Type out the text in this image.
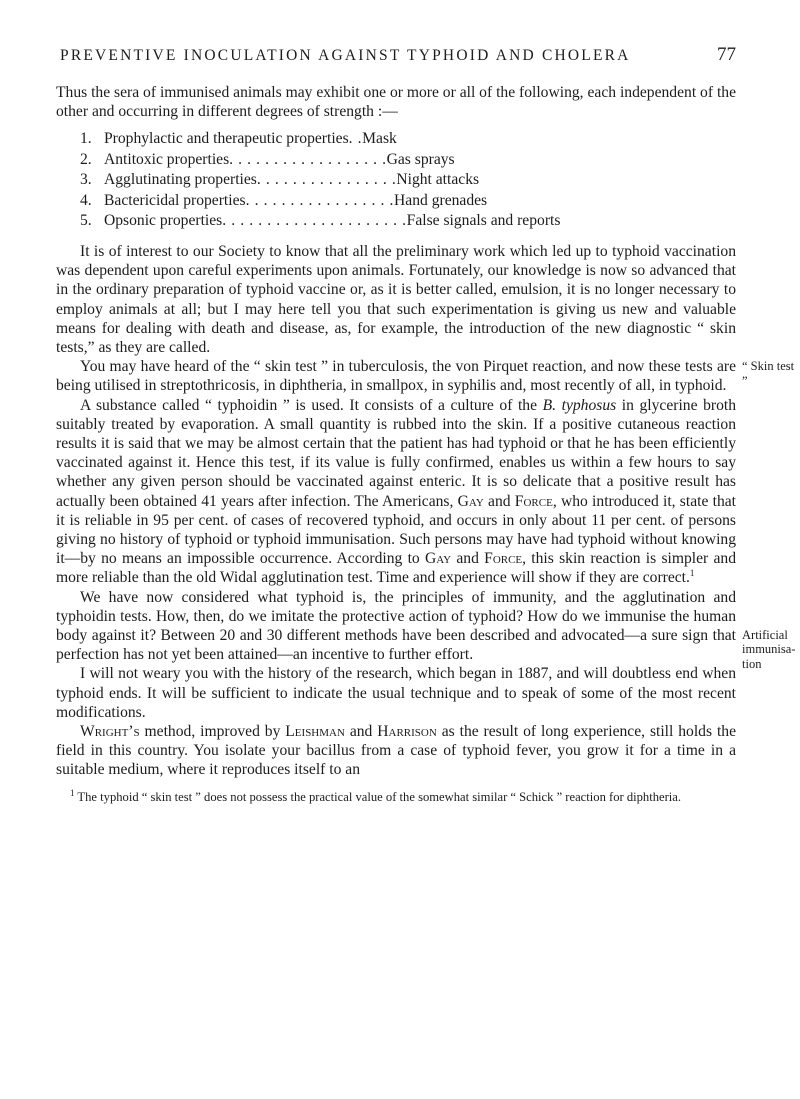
PREVENTIVE INOCULATION AGAINST TYPHOID AND CHOLERA	77

Thus the sera of immunised animals may exhibit one or more or all of the following, each independent of the other and occurring in different degrees of strength :—

1. Prophylactic and therapeutic properties . . Mask
2. Antitoxic properties . . . . . . . . . . . . . . . . . . Gas sprays
3. Agglutinating properties . . . . . . . . . . . . . . . . Night attacks
4. Bactericidal properties . . . . . . . . . . . . . . . . . Hand grenades
5. Opsonic properties . . . . . . . . . . . . . . . . . . . . . False signals and reports

It is of interest to our Society to know that all the preliminary work which led up to typhoid vaccination was dependent upon careful experiments upon animals. Fortunately, our knowledge is now so advanced that in the ordinary preparation of typhoid vaccine or, as it is better called, emulsion, it is no longer necessary to employ animals at all; but I may here tell you that such experimentation is giving us new and valuable means for dealing with death and disease, as, for example, the introduction of the new diagnostic “ skin tests,” as they are called.

“ Skin test ”

You may have heard of the “ skin test ” in tuberculosis, the von Pirquet reaction, and now these tests are being utilised in streptothricosis, in diphtheria, in smallpox, in syphilis and, most recently of all, in typhoid.

A substance called “ typhoidin ” is used. It consists of a culture of the B. typhosus in glycerine broth suitably treated by evaporation. A small quantity is rubbed into the skin. If a positive cutaneous reaction results it is said that we may be almost certain that the patient has had typhoid or that he has been efficiently vaccinated against it. Hence this test, if its value is fully confirmed, enables us within a few hours to say whether any given person should be vaccinated against enteric. It is so delicate that a positive result has actually been obtained 41 years after infection. The Americans, Gay and Force, who introduced it, state that it is reliable in 95 per cent. of cases of recovered typhoid, and occurs in only about 11 per cent. of persons giving no history of typhoid or typhoid immunisation. Such persons may have had typhoid without knowing it—by no means an impossible occurrence. According to Gay and Force, this skin reaction is simpler and more reliable than the old Widal agglutination test. Time and experience will show if they are correct.$^1$

Artificial immunisa-tion

We have now considered what typhoid is, the principles of immunity, and the agglutination and typhoidin tests. How, then, do we imitate the protective action of typhoid? How do we immunise the human body against it? Between 20 and 30 different methods have been described and advocated—a sure sign that perfection has not yet been attained—an incentive to further effort.

I will not weary you with the history of the research, which began in 1887, and will doubtless end when typhoid ends. It will be sufficient to indicate the usual technique and to speak of some of the most recent modifications.

Wright’s method, improved by Leishman and Harrison as the result of long experience, still holds the field in this country. You isolate your bacillus from a case of typhoid fever, you grow it for a time in a suitable medium, where it reproduces itself to an

$^1$ The typhoid “ skin test ” does not possess the practical value of the somewhat similar “ Schick ” reaction for diphtheria.
